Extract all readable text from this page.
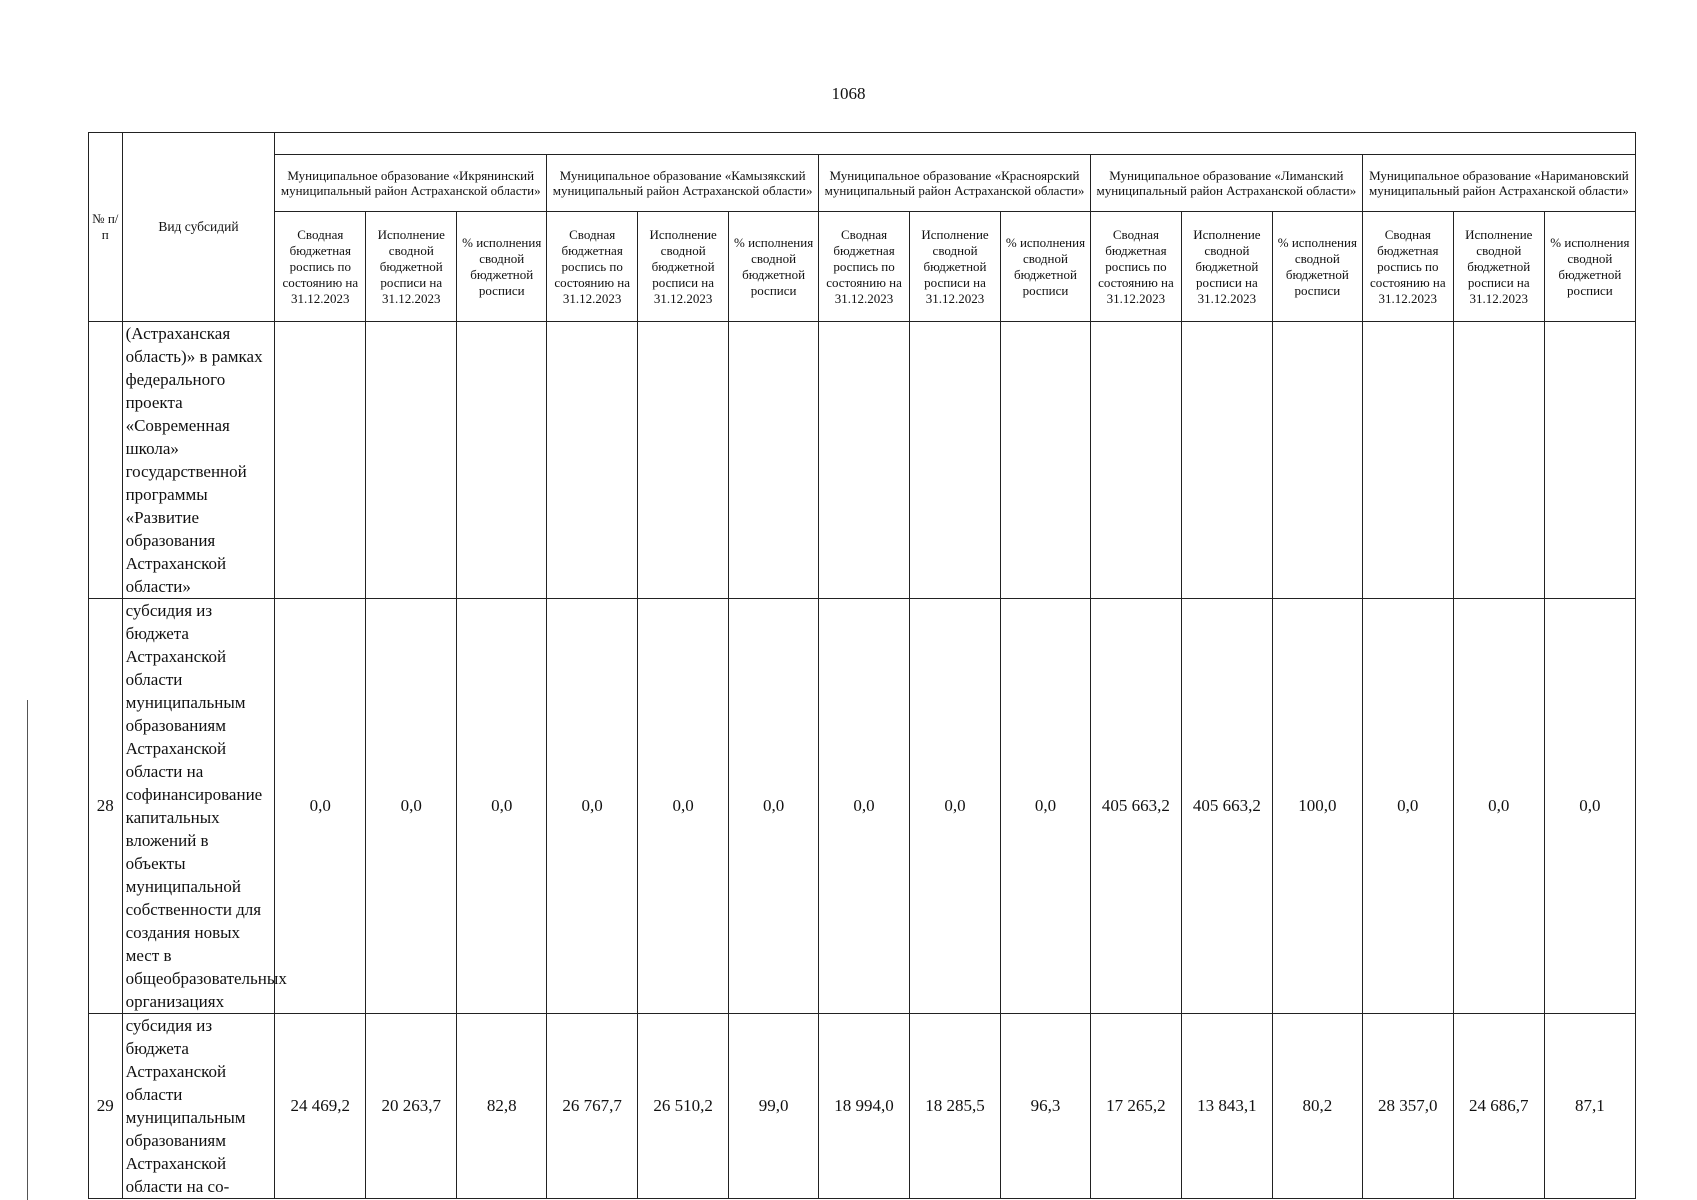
1068
№ п/п	Вид субсидий															
		Муниципальное образование «Икрянинский муниципальный район Астраханской области»			Муниципальное образование «Камызякский муниципальный район Астраханской области»			Муниципальное образование «Красноярский муниципальный район Астраханской области»			Муниципальное образование «Лиманский муниципальный район Астраханской области»			Муниципальное образование «Наримановский муниципальный район Астраханской области»		
		Сводная бюджетная роспись по состоянию на 31.12.2023	Исполнение сводной бюджетной росписи на 31.12.2023	% исполнения сводной бюджетной росписи	Сводная бюджетная роспись по состоянию на 31.12.2023	Исполнение сводной бюджетной росписи на 31.12.2023	% исполнения сводной бюджетной росписи	Сводная бюджетная роспись по состоянию на 31.12.2023	Исполнение сводной бюджетной росписи на 31.12.2023	% исполнения сводной бюджетной росписи	Сводная бюджетная роспись по состоянию на 31.12.2023	Исполнение сводной бюджетной росписи на 31.12.2023	% исполнения сводной бюджетной росписи	Сводная бюджетная роспись по состоянию на 31.12.2023	Исполнение сводной бюджетной росписи на 31.12.2023	% исполнения сводной бюджетной росписи
	(Астраханская область)» в рамках федерального проекта «Современная школа» государственной программы «Развитие образования Астраханской области»															
28	субсидия из бюджета Астраханской области муниципальным образованиям Астраханской области на софинансирование капитальных вложений в объекты муниципальной собственности для создания новых мест в общеобразовательных организациях	0,0	0,0	0,0	0,0	0,0	0,0	0,0	0,0	0,0	405 663,2	405 663,2	100,0	0,0	0,0	0,0
29	субсидия из бюджета Астраханской области муниципальным образованиям Астраханской области на со-	24 469,2	20 263,7	82,8	26 767,7	26 510,2	99,0	18 994,0	18 285,5	96,3	17 265,2	13 843,1	80,2	28 357,0	24 686,7	87,1
